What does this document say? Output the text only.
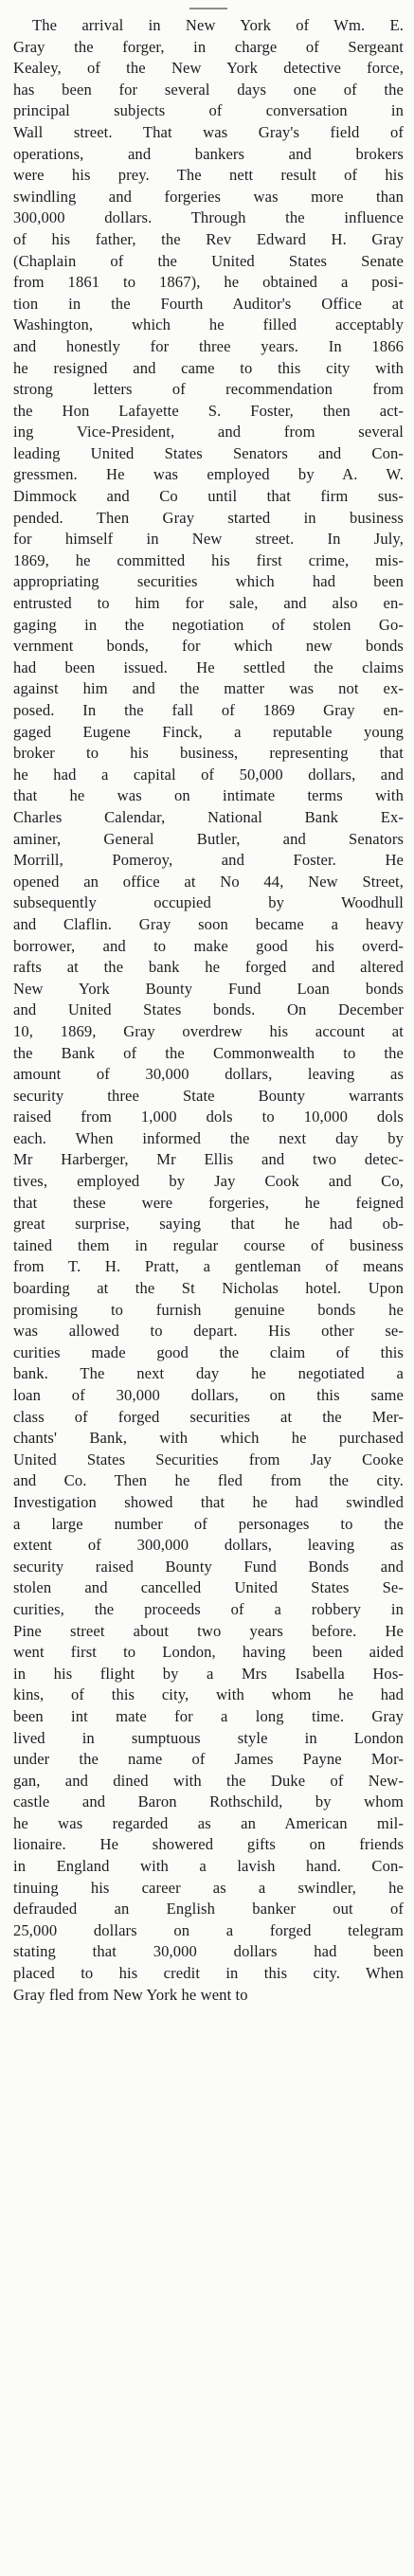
The arrival in New York of Wm. E.
Gray the forger, in charge of Sergeant
Kealey, of the New York detective force,
has been for several days one of the
principal subjects of conversation in
Wall street. That was Gray's field of
operations, and bankers and brokers
were his prey. The nett result of his
swindling and forgeries was more than
300,000 dollars. Through the influence
of his father, the Rev Edward H. Gray
(Chaplain of the United States Senate
from 1861 to 1867), he obtained a posi-
tion in the Fourth Auditor's Office at
Washington, which he filled acceptably
and honestly for three years. In 1866
he resigned and came to this city with
strong letters of recommendation from
the Hon Lafayette S. Foster, then act-
ing Vice-President, and from several
leading United States Senators and Con-
gressmen. He was employed by A. W.
Dimmock and Co until that firm sus-
pended. Then Gray started in business
for himself in New street. In July,
1869, he committed his first crime, mis-
appropriating securities which had been
entrusted to him for sale, and also en-
gaging in the negotiation of stolen Go-
vernment bonds, for which new bonds
had been issued. He settled the claims
against him and the matter was not ex-
posed. In the fall of 1869 Gray en-
gaged Eugene Finck, a reputable young
broker to his business, representing that
he had a capital of 50,000 dollars, and
that he was on intimate terms with
Charles Calendar, National Bank Ex-
aminer, General Butler, and Senators
Morrill, Pomeroy, and Foster. He
opened an office at No 44, New Street,
subsequently occupied by Woodhull
and Claflin. Gray soon became a heavy
borrower, and to make good his overd-
rafts at the bank he forged and altered
New York Bounty Fund Loan bonds
and United States bonds. On December
10, 1869, Gray overdrew his account at
the Bank of the Commonwealth to the
amount of 30,000 dollars, leaving as
security three State Bounty warrants
raised from 1,000 dols to 10,000 dols
each. When informed the next day by
Mr Harberger, Mr Ellis and two detec-
tives, employed by Jay Cook and Co,
that these were forgeries, he feigned
great surprise, saying that he had ob-
tained them in regular course of business
from T. H. Pratt, a gentleman of means
boarding at the St Nicholas hotel. Upon
promising to furnish genuine bonds he
was allowed to depart. His other se-
curities made good the claim of this
bank. The next day he negotiated a
loan of 30,000 dollars, on this same
class of forged securities at the Mer-
chants' Bank, with which he purchased
United States Securities from Jay Cooke
and Co. Then he fled from the city.
Investigation showed that he had swindled
a large number of personages to the
extent of 300,000 dollars, leaving as
security raised Bounty Fund Bonds and
stolen and cancelled United States Se-
curities, the proceeds of a robbery in
Pine street about two years before. He
went first to London, having been aided
in his flight by a Mrs Isabella Hos-
kins, of this city, with whom he had
been int mate for a long time. Gray
lived in sumptuous style in London
under the name of James Payne Mor-
gan, and dined with the Duke of New-
castle and Baron Rothschild, by whom
he was regarded as an American mil-
lionaire. He showered gifts on friends
in England with a lavish hand. Con-
tinuing his career as a swindler, he
defrauded an English banker out of
25,000 dollars on a forged telegram
stating that 30,000 dollars had been
placed to his credit in this city. When
Gray fled from New York he went to
